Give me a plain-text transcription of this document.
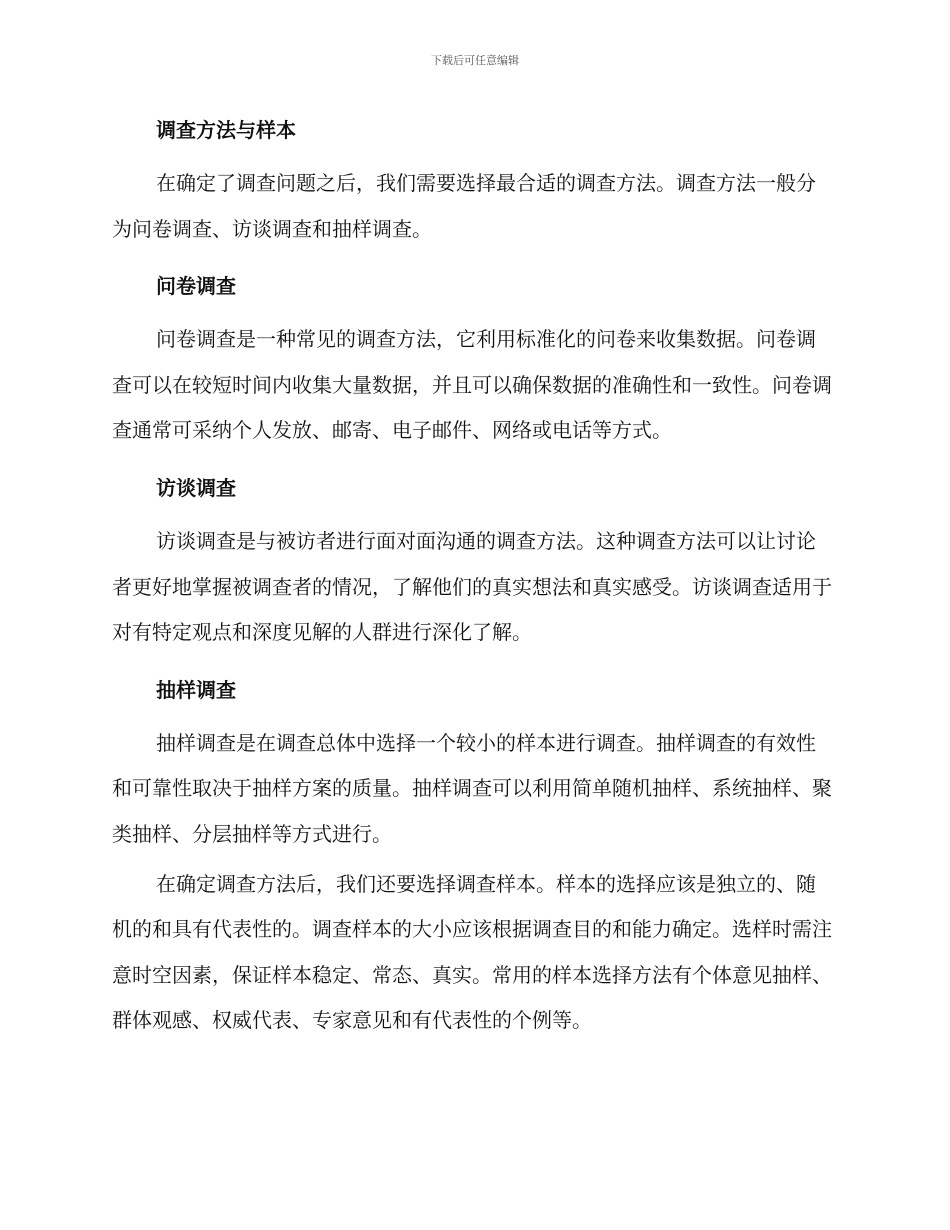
下载后可任意编辑
调查方法与样本

在确定了调查问题之后，我们需要选择最合适的调查方法。调查方法一般分为问卷调查、访谈调查和抽样调查。

问卷调查

问卷调查是一种常见的调查方法，它利用标准化的问卷来收集数据。问卷调查可以在较短时间内收集大量数据，并且可以确保数据的准确性和一致性。问卷调查通常可采纳个人发放、邮寄、电子邮件、网络或电话等方式。

访谈调查

访谈调查是与被访者进行面对面沟通的调查方法。这种调查方法可以让讨论者更好地掌握被调查者的情况，了解他们的真实想法和真实感受。访谈调查适用于对有特定观点和深度见解的人群进行深化了解。

抽样调查

抽样调查是在调查总体中选择一个较小的样本进行调查。抽样调查的有效性和可靠性取决于抽样方案的质量。抽样调查可以利用简单随机抽样、系统抽样、聚类抽样、分层抽样等方式进行。

在确定调查方法后，我们还要选择调查样本。样本的选择应该是独立的、随机的和具有代表性的。调查样本的大小应该根据调查目的和能力确定。选样时需注意时空因素，保证样本稳定、常态、真实。常用的样本选择方法有个体意见抽样、群体观感、权威代表、专家意见和有代表性的个例等。
